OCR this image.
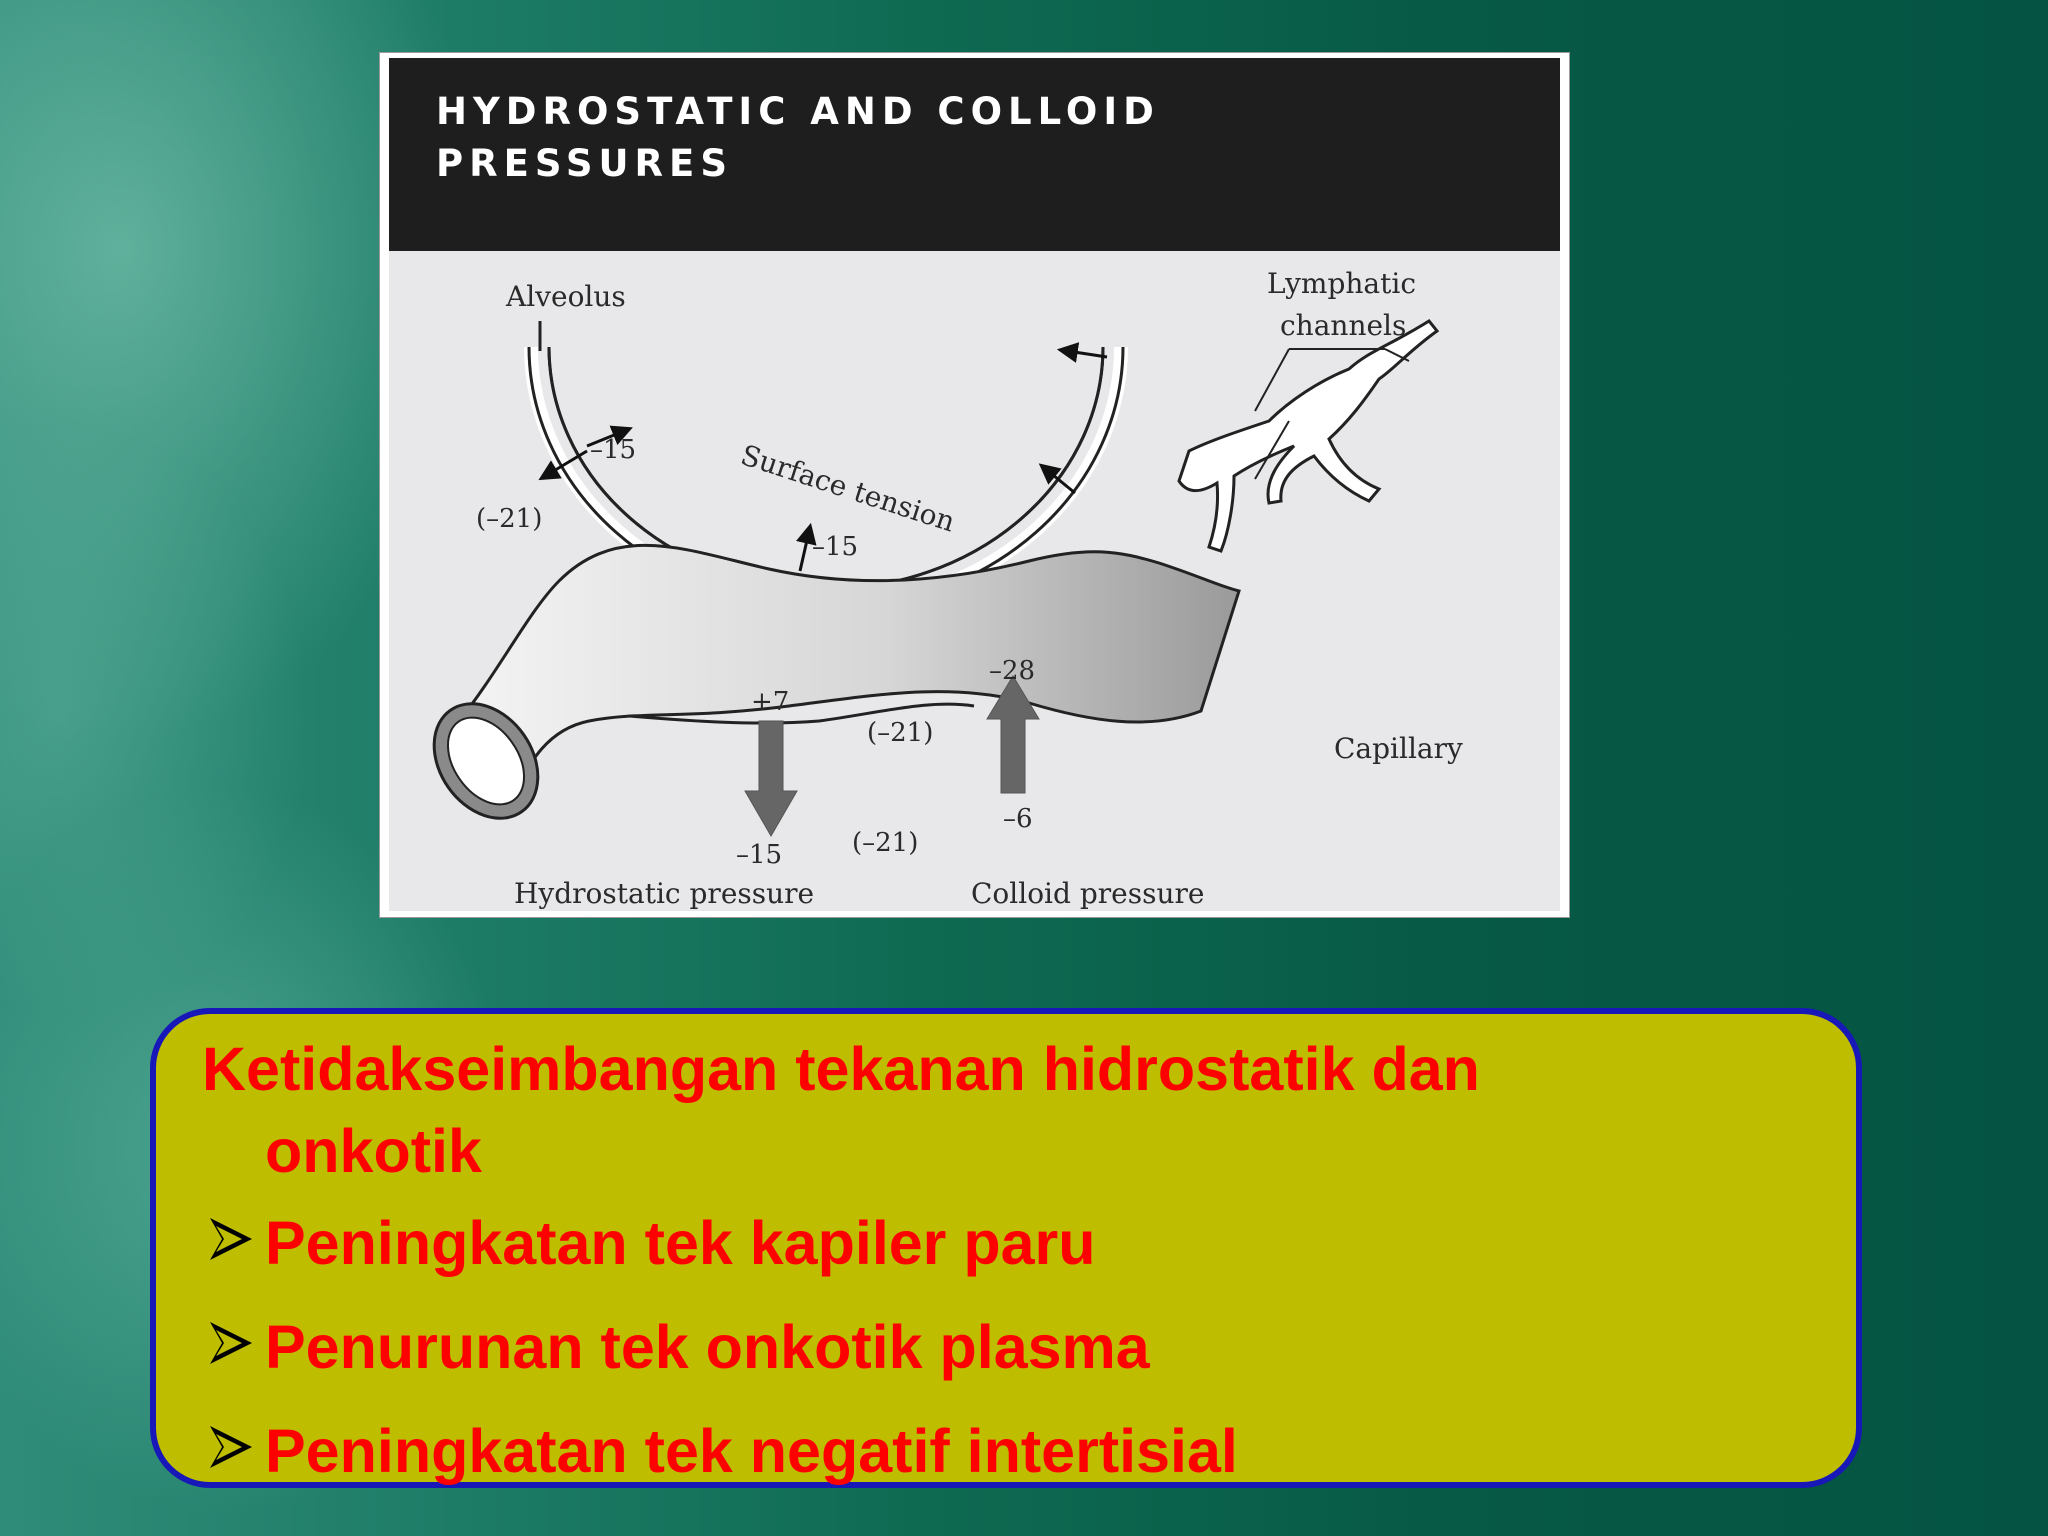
HYDROSTATIC AND COLLOID
PRESSURES
Alveolus	Lymphatic
channels
Surface tension
–15
(–21)
–15
+7
(–21)
–28
–6
–15	(–21)
Capillary
Hydrostatic pressure	Colloid pressure
Ketidakseimbangan tekanan hidrostatik dan
onkotik
Peningkatan tek kapiler paru
Penurunan tek onkotik plasma
Peningkatan tek negatif intertisial
